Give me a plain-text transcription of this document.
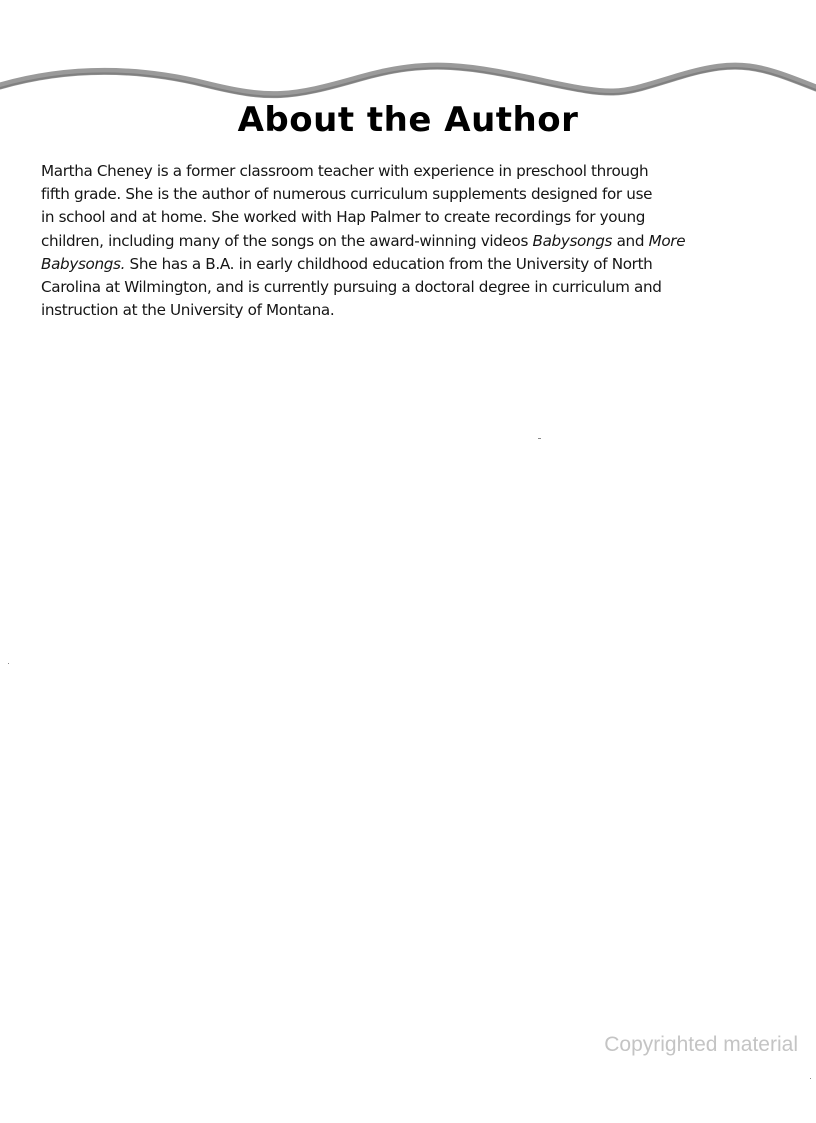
About the Author

Martha Cheney is a former classroom teacher with experience in preschool through
fifth grade. She is the author of numerous curriculum supplements designed for use
in school and at home. She worked with Hap Palmer to create recordings for young
children, including many of the songs on the award-winning videos Babysongs and More
Babysongs. She has a B.A. in early childhood education from the University of North
Carolina at Wilmington, and is currently pursuing a doctoral degree in curriculum and
instruction at the University of Montana.

Copyrighted material
